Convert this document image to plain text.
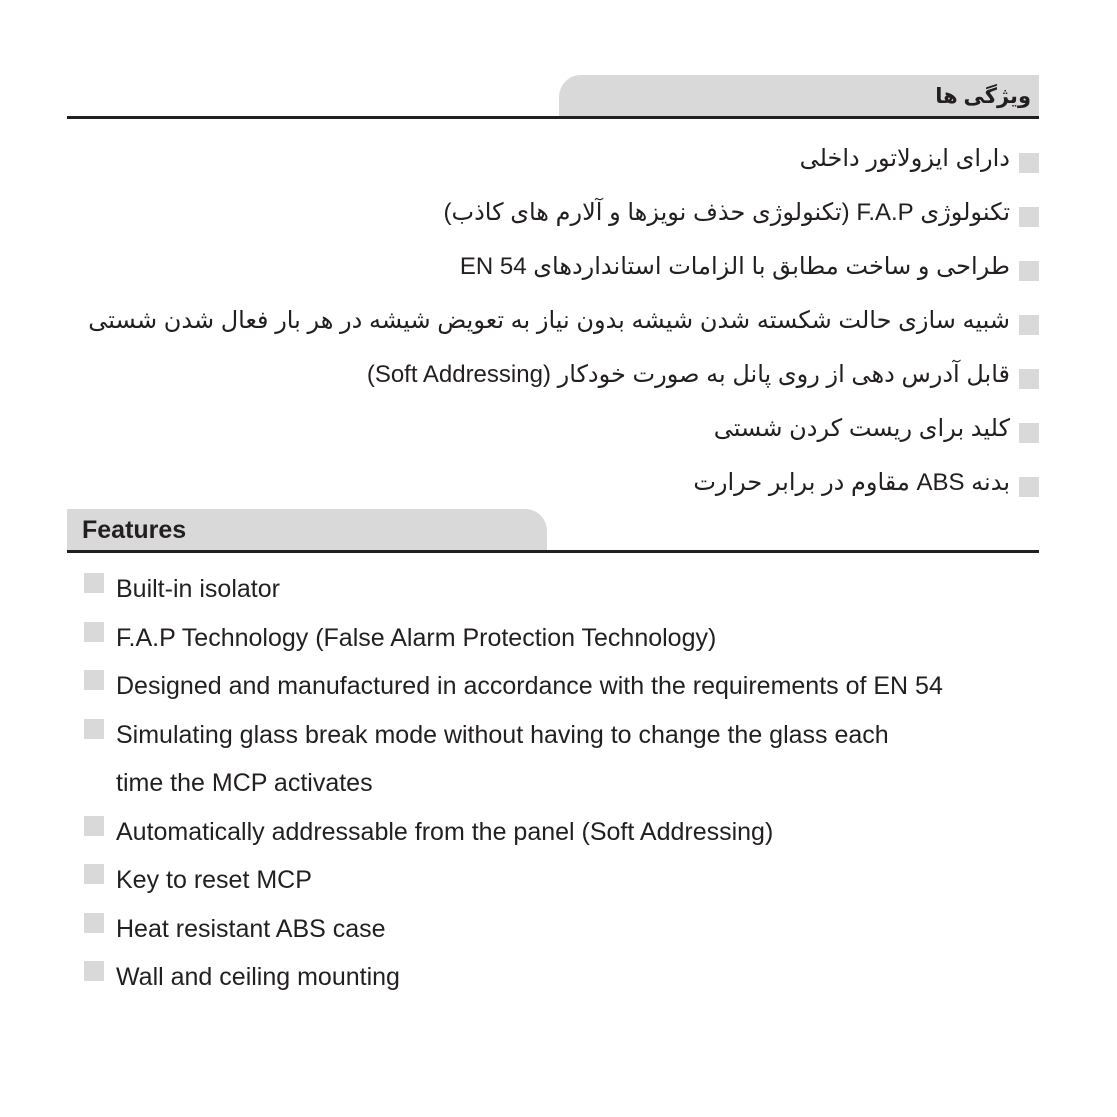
ویژگی ها
دارای ایزولاتور داخلی
تکنولوژی F.A.P (تکنولوژی حذف نویزها و آلارم های کاذب)
طراحی و ساخت مطابق با الزامات استانداردهای EN 54
شبیه سازی حالت شکسته شدن شیشه بدون نیاز به تعویض شیشه در هر بار فعال شدن شستی
قابل آدرس دهی از روی پانل به صورت خودکار (Soft Addressing)
کلید برای ریست کردن شستی
بدنه ABS مقاوم در برابر حرارت
Features
Built-in isolator
F.A.P Technology (False Alarm Protection Technology)
Designed and manufactured in accordance with the requirements of EN 54
Simulating glass break mode without having to change the glass each
time the MCP activates
Automatically addressable from the panel (Soft Addressing)
Key to reset MCP
Heat resistant ABS case
Wall and ceiling mounting
